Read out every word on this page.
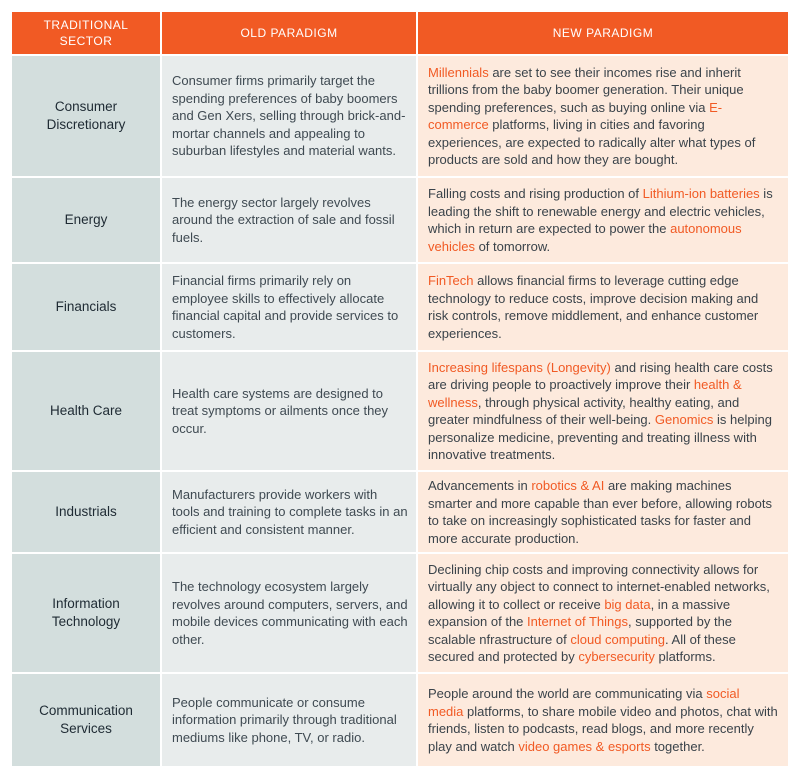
TRADITIONAL SECTOR
OLD PARADIGM	NEW PARADIGM
Consumer Discretionary
Consumer firms primarily target the spending preferences of baby boomers and Gen Xers, selling through brick-and-mortar channels and appealing to suburban lifestyles and material wants.
Millennials are set to see their incomes rise and inherit trillions from the baby boomer generation. Their unique spending preferences, such as buying online via E-commerce platforms, living in cities and favoring experiences, are expected to radically alter what types of products are sold and how they are bought.
Energy
The energy sector largely revolves around the extraction of sale and fossil fuels.
Falling costs and rising production of Lithium-ion batteries is leading the shift to renewable energy and electric vehicles, which in return are expected to power the autonomous vehicles of tomorrow.
Financials
Financial firms primarily rely on employee skills to effectively allocate financial capital and provide services to customers.
FinTech allows financial firms to leverage cutting edge technology to reduce costs, improve decision making and risk controls, remove middlement, and enhance customer experiences.
Health Care
Health care systems are designed to treat symptoms or ailments once they occur.
Increasing lifespans (Longevity) and rising health care costs are driving people to proactively improve their health & wellness, through physical activity, healthy eating, and greater mindfulness of their well-being. Genomics is helping personalize medicine, preventing and treating illness with innovative treatments.
Industrials
Manufacturers provide workers with tools and training to complete tasks in an efficient and consistent manner.
Advancements in robotics & AI are making machines smarter and more capable than ever before, allowing robots to take on increasingly sophisticated tasks for faster and more accurate production.
Information Technology
The technology ecosystem largely revolves around computers, servers, and mobile devices communicating with each other.
Declining chip costs and improving connectivity allows for virtually any object to connect to internet-enabled networks, allowing it to collect or receive big data, in a massive expansion of the Internet of Things, supported by the scalable nfrastructure of cloud computing. All of these secured and protected by cybersecurity platforms.
Communication Services
People communicate or consume information primarily through traditional mediums like phone, TV, or radio.
People around the world are communicating via social media platforms, to share mobile video and photos, chat with friends, listen to podcasts, read blogs, and more recently play and watch video games & esports together.
